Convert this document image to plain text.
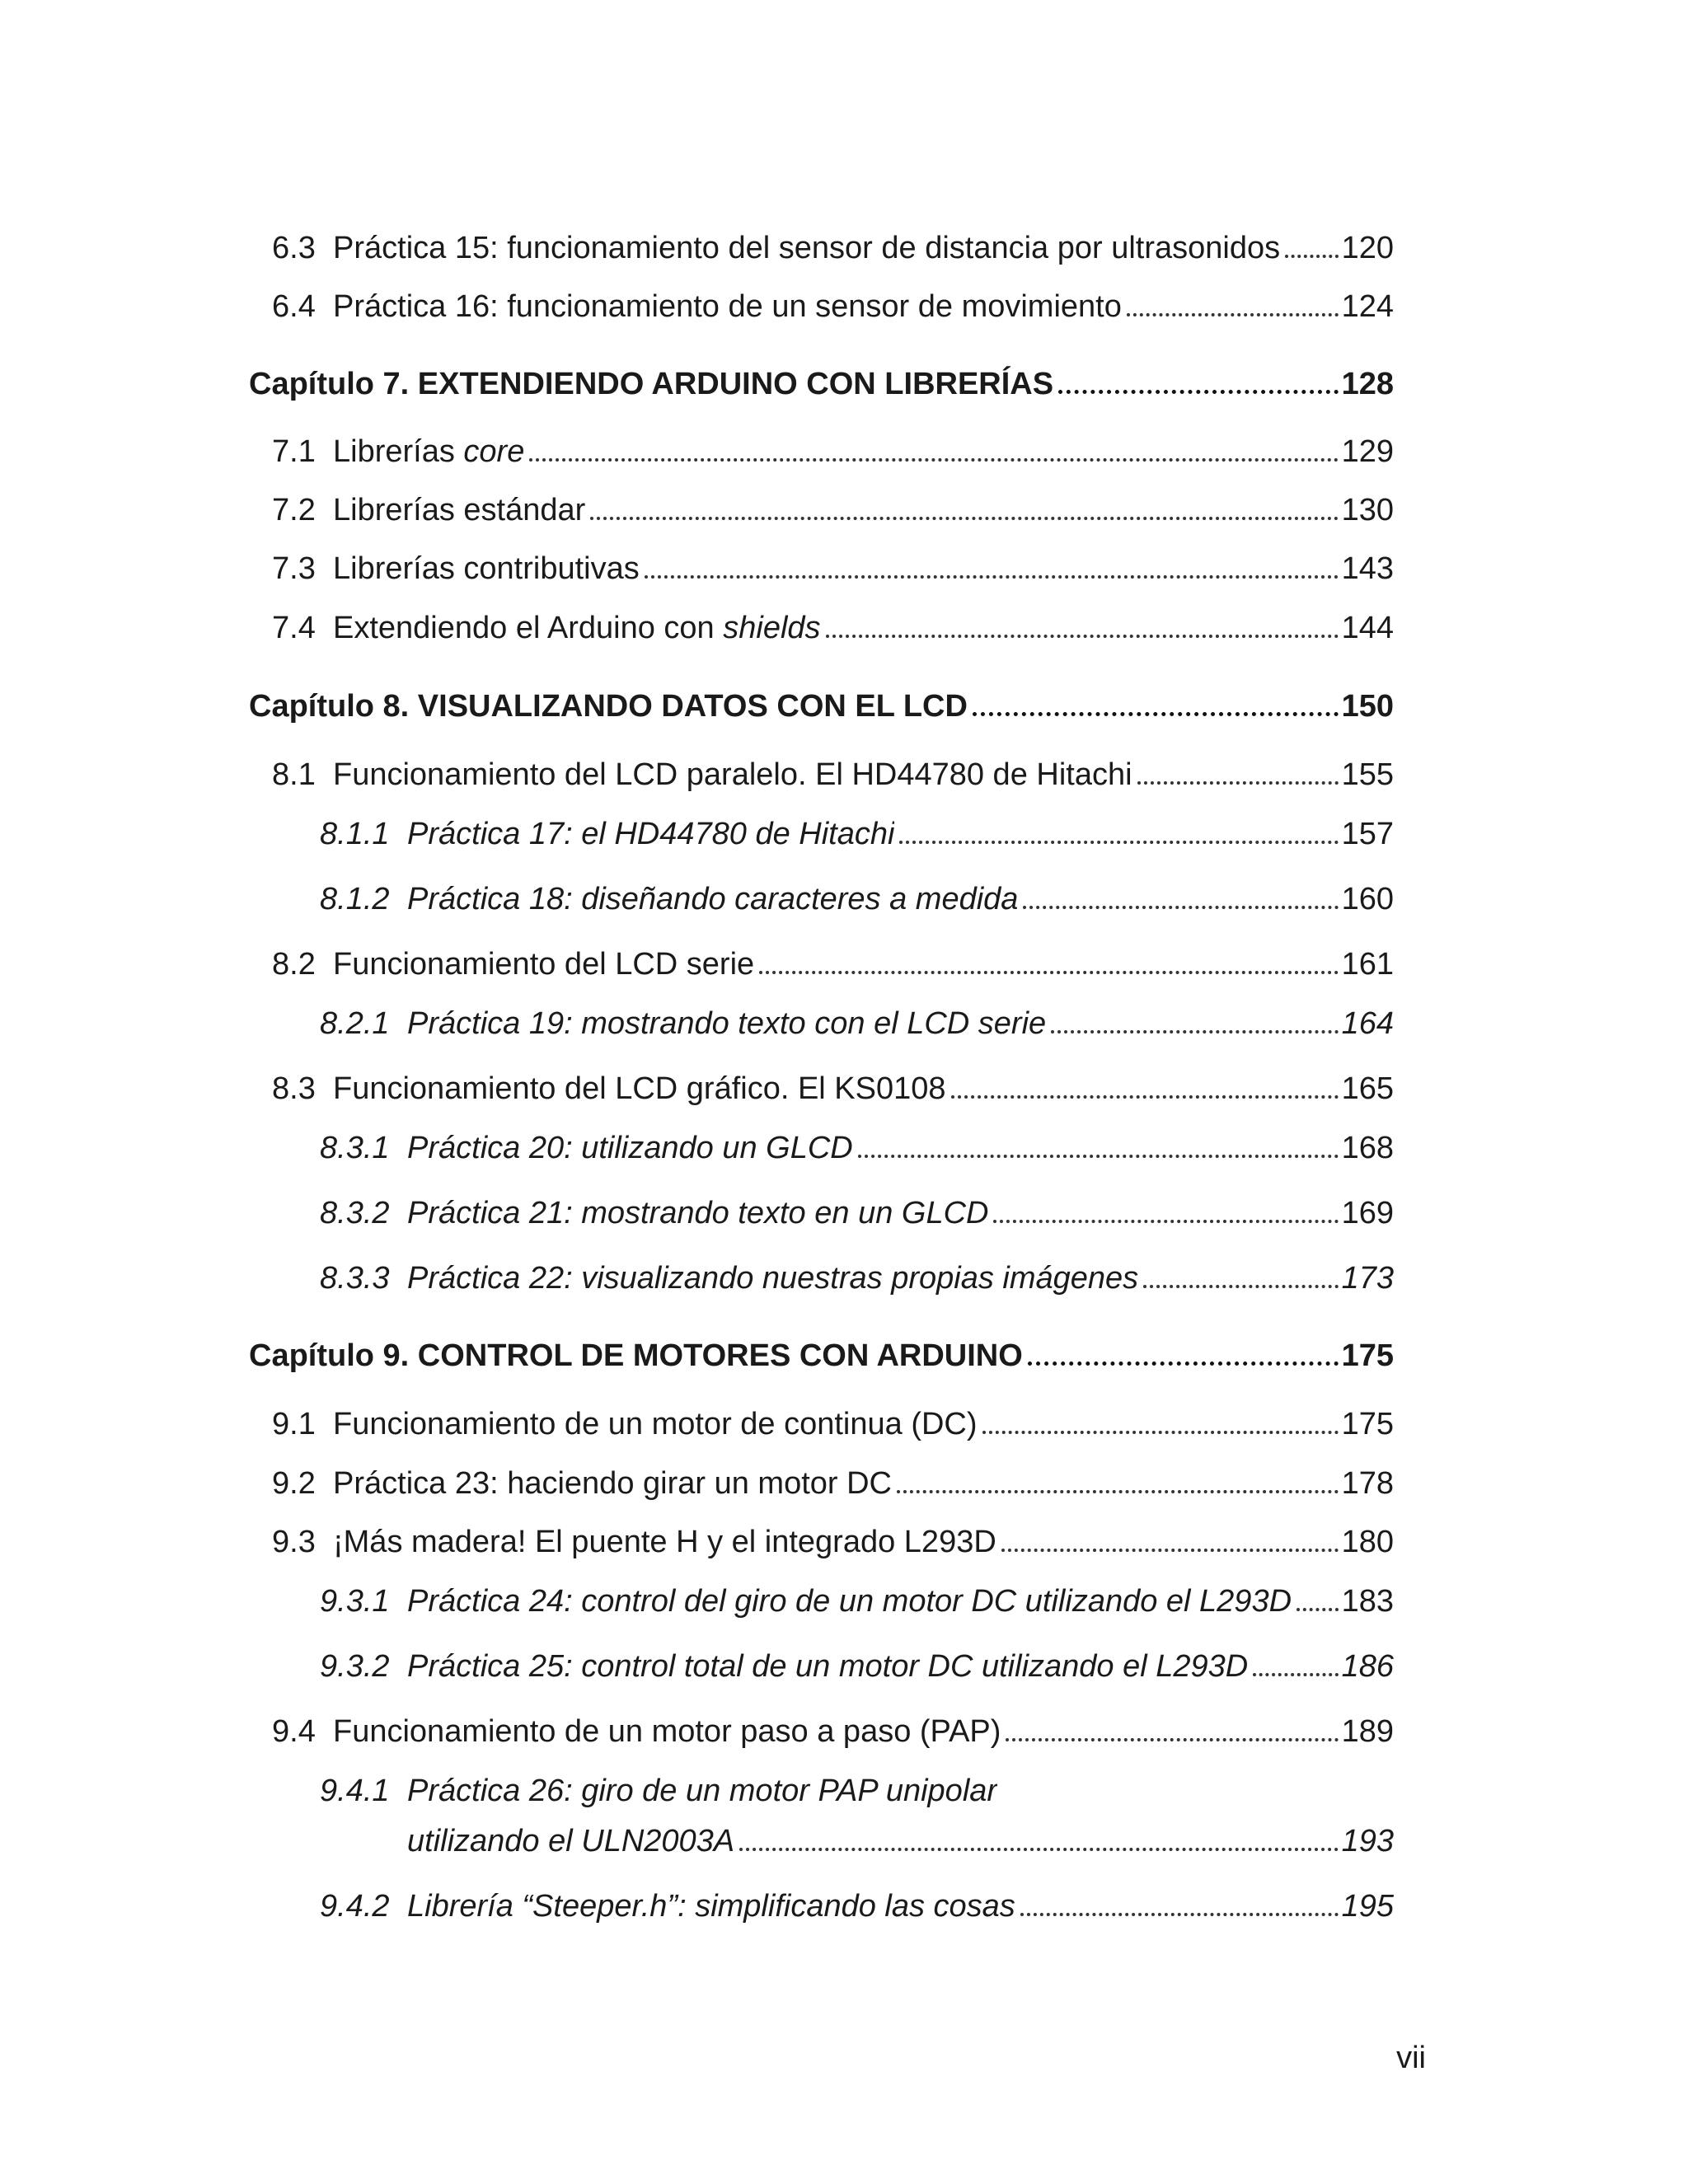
6.3 Práctica 15: funcionamiento del sensor de distancia por ultrasonidos 120
6.4 Práctica 16: funcionamiento de un sensor de movimiento	124
Capítulo 7. EXTENDIENDO ARDUINO CON LIBRERÍAS	128
7.1 Librerías core	129
7.2 Librerías estándar	130
7.3 Librerías contributivas	143
7.4 Extendiendo el Arduino con shields	144
Capítulo 8. VISUALIZANDO DATOS CON EL LCD	150
8.1 Funcionamiento del LCD paralelo. El HD44780 de Hitachi	155
8.1.1 Práctica 17: el HD44780 de Hitachi	157
8.1.2 Práctica 18: diseñando caracteres a medida	160
8.2 Funcionamiento del LCD serie	161
8.2.1 Práctica 19: mostrando texto con el LCD serie	164
8.3 Funcionamiento del LCD gráfico. El KS0108	165
8.3.1 Práctica 20: utilizando un GLCD	168
8.3.2 Práctica 21: mostrando texto en un GLCD	169
8.3.3 Práctica 22: visualizando nuestras propias imágenes	173
Capítulo 9. CONTROL DE MOTORES CON ARDUINO	175
9.1 Funcionamiento de un motor de continua (DC)	175
9.2 Práctica 23: haciendo girar un motor DC	178
9.3 ¡Más madera! El puente H y el integrado L293D	180
9.3.1 Práctica 24: control del giro de un motor DC utilizando el L293D 183
9.3.2 Práctica 25: control total de un motor DC utilizando el L293D	186
9.4 Funcionamiento de un motor paso a paso (PAP)	189
9.4.1 Práctica 26: giro de un motor PAP unipolar
utilizando el ULN2003A	193
9.4.2 Librería “Steeper.h”: simplificando las cosas	195
vii
